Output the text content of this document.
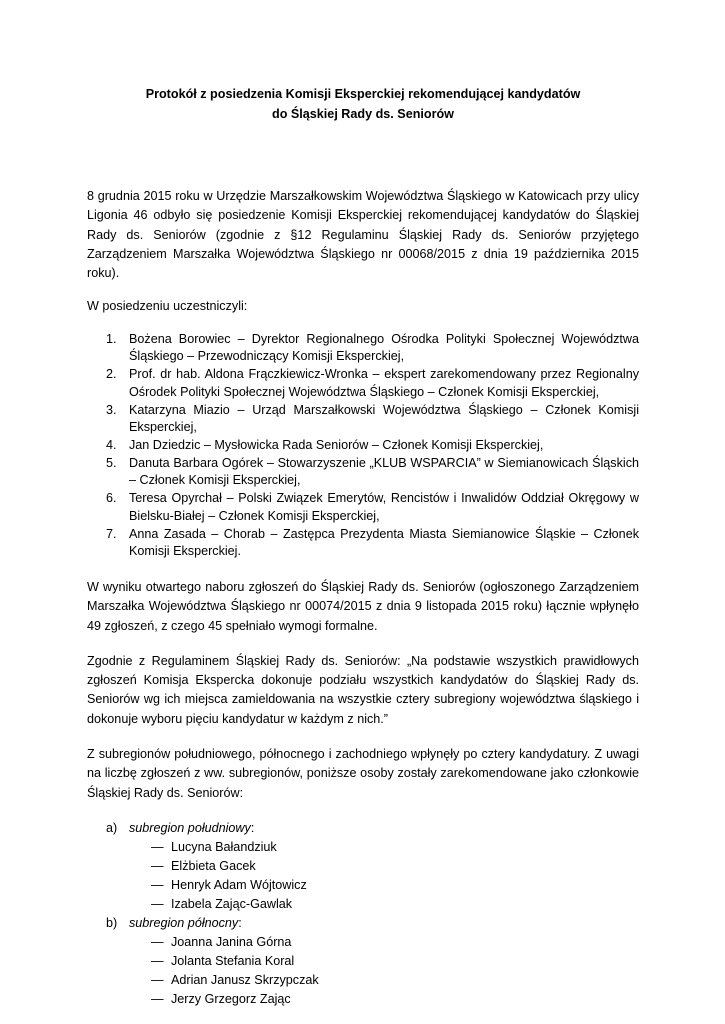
Protokół z posiedzenia Komisji Eksperckiej rekomendującej kandydatów

do Śląskiej Rady ds. Seniorów

8 grudnia 2015 roku w Urzędzie Marszałkowskim Województwa Śląskiego w Katowicach przy ulicy Ligonia 46 odbyło się posiedzenie Komisji Eksperckiej rekomendującej kandydatów do Śląskiej Rady ds. Seniorów (zgodnie z §12 Regulaminu Śląskiej Rady ds. Seniorów przyjętego Zarządzeniem Marszałka Województwa Śląskiego nr 00068/2015 z dnia 19 października 2015 roku).

W posiedzeniu uczestniczyli:

1. Bożena Borowiec – Dyrektor Regionalnego Ośrodka Polityki Społecznej Województwa Śląskiego – Przewodniczący Komisji Eksperckiej,
2. Prof. dr hab. Aldona Frączkiewicz-Wronka – ekspert zarekomendowany przez Regionalny Ośrodek Polityki Społecznej Województwa Śląskiego – Członek Komisji Eksperckiej,
3. Katarzyna Miazio – Urząd Marszałkowski Województwa Śląskiego – Członek Komisji Eksperckiej,
4. Jan Dziedzic – Mysłowicka Rada Seniorów – Członek Komisji Eksperckiej,
5. Danuta Barbara Ogórek – Stowarzyszenie „KLUB WSPARCIA” w Siemianowicach Śląskich – Członek Komisji Eksperckiej,
6. Teresa Opyrchał – Polski Związek Emerytów, Rencistów i Inwalidów Oddział Okręgowy w Bielsku-Białej – Członek Komisji Eksperckiej,
7. Anna Zasada – Chorab – Zastępca Prezydenta Miasta Siemianowice Śląskie – Członek Komisji Eksperckiej.

W wyniku otwartego naboru zgłoszeń do Śląskiej Rady ds. Seniorów (ogłoszonego Zarządzeniem Marszałka Województwa Śląskiego nr 00074/2015 z dnia 9 listopada 2015 roku) łącznie wpłynęło 49 zgłoszeń, z czego 45 spełniało wymogi formalne.

Zgodnie z Regulaminem Śląskiej Rady ds. Seniorów: „Na podstawie wszystkich prawidłowych zgłoszeń Komisja Ekspercka dokonuje podziału wszystkich kandydatów do Śląskiej Rady ds. Seniorów wg ich miejsca zamieldowania na wszystkie cztery subregiony województwa śląskiego i dokonuje wyboru pięciu kandydatur w każdym z nich.”

Z subregionów południowego, północnego i zachodniego wpłynęły po cztery kandydatury. Z uwagi na liczbę zgłoszeń z ww. subregionów, poniższe osoby zostały zarekomendowane jako członkowie Śląskiej Rady ds. Seniorów:

a) subregion południowy:
— Lucyna Bałandziuk
— Elżbieta Gacek
— Henryk Adam Wójtowicz
— Izabela Zając-Gawlak
b) subregion północny:
— Joanna Janina Górna
— Jolanta Stefania Koral
— Adrian Janusz Skrzypczak
— Jerzy Grzegorz Zając
